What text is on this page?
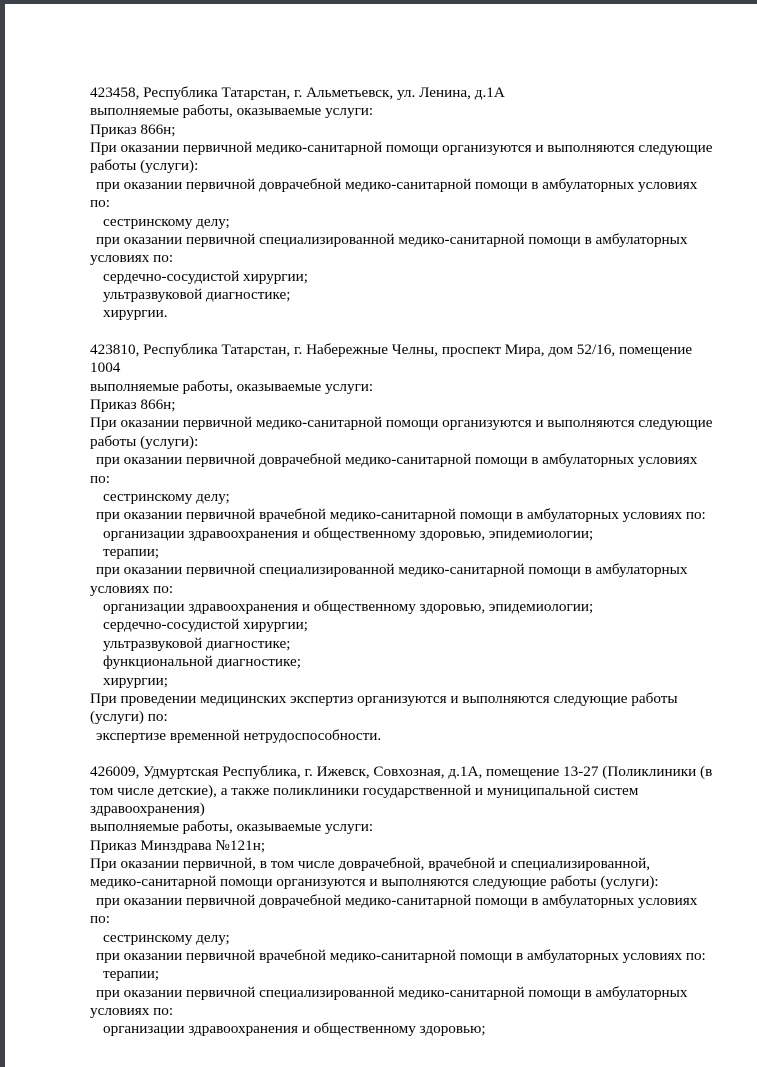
423458, Республика Татарстан, г. Альметьевск, ул. Ленина, д.1А
выполняемые работы, оказываемые услуги:
Приказ 866н;
При оказании первичной медико-санитарной помощи организуются и выполняются следующие
работы (услуги):
при оказании первичной доврачебной медико-санитарной помощи в амбулаторных условиях
по:
сестринскому делу;
при оказании первичной специализированной медико-санитарной помощи в амбулаторных
условиях по:
сердечно-сосудистой хирургии;
ультразвуковой диагностике;
хирургии.
423810, Республика Татарстан, г. Набережные Челны, проспект Мира, дом 52/16, помещение
1004
выполняемые работы, оказываемые услуги:
Приказ 866н;
При оказании первичной медико-санитарной помощи организуются и выполняются следующие
работы (услуги):
при оказании первичной доврачебной медико-санитарной помощи в амбулаторных условиях
по:
сестринскому делу;
при оказании первичной врачебной медико-санитарной помощи в амбулаторных условиях по:
организации здравоохранения и общественному здоровью, эпидемиологии;
терапии;
при оказании первичной специализированной медико-санитарной помощи в амбулаторных
условиях по:
организации здравоохранения и общественному здоровью, эпидемиологии;
сердечно-сосудистой хирургии;
ультразвуковой диагностике;
функциональной диагностике;
хирургии;
При проведении медицинских экспертиз организуются и выполняются следующие работы
(услуги) по:
экспертизе временной нетрудоспособности.
426009, Удмуртская Республика, г. Ижевск, Совхозная, д.1А, помещение 13-27 (Поликлиники (в
том числе детские), а также поликлиники государственной и муниципальной систем
здравоохранения)
выполняемые работы, оказываемые услуги:
Приказ Минздрава №121н;
При оказании первичной, в том числе доврачебной, врачебной и специализированной,
медико-санитарной помощи организуются и выполняются следующие работы (услуги):
при оказании первичной доврачебной медико-санитарной помощи в амбулаторных условиях
по:
сестринскому делу;
при оказании первичной врачебной медико-санитарной помощи в амбулаторных условиях по:
терапии;
при оказании первичной специализированной медико-санитарной помощи в амбулаторных
условиях по:
организации здравоохранения и общественному здоровью;
